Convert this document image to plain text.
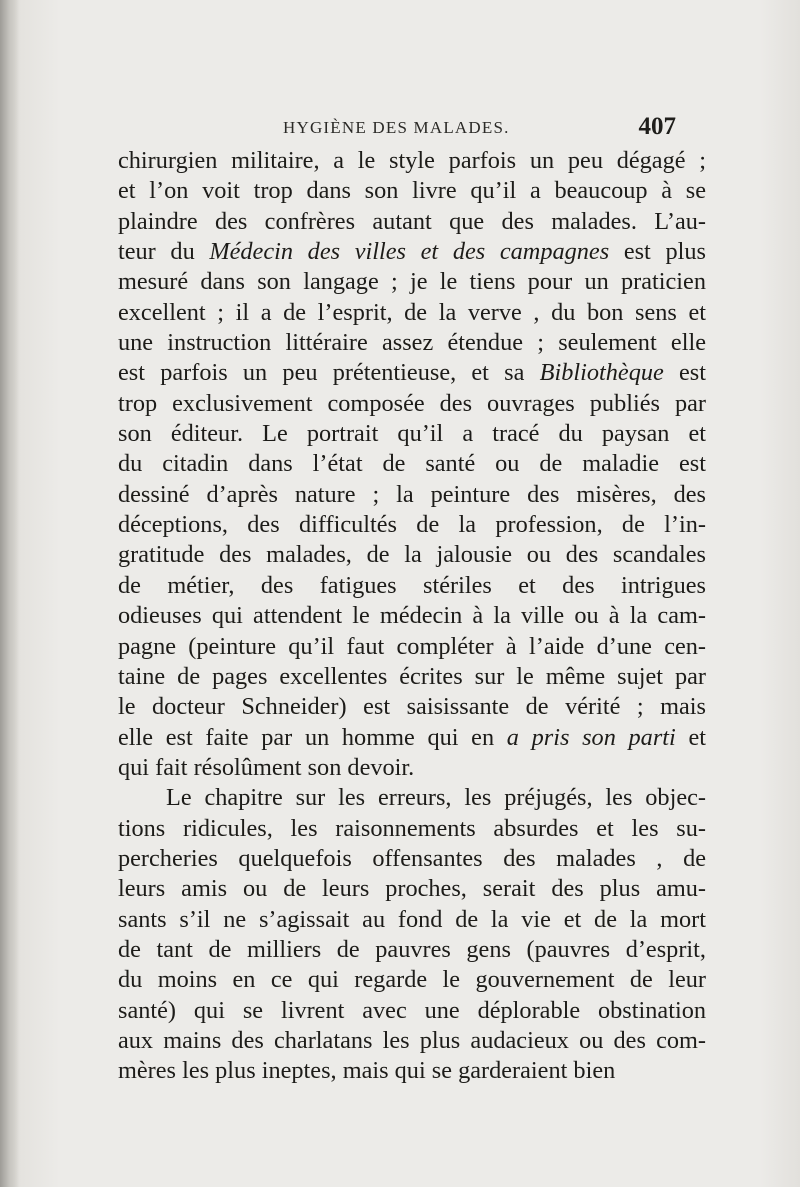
HYGIÈNE DES MALADES.	407
chirurgien militaire, a le style parfois un peu dégagé ;
et l’on voit trop dans son livre qu’il a beaucoup à se
plaindre des confrères autant que des malades. L’au-
teur du Médecin des villes et des campagnes est plus
mesuré dans son langage ; je le tiens pour un praticien
excellent ; il a de l’esprit, de la verve , du bon sens et
une instruction littéraire assez étendue ; seulement elle
est parfois un peu prétentieuse, et sa Bibliothèque est
trop exclusivement composée des ouvrages publiés par
son éditeur. Le portrait qu’il a tracé du paysan et
du citadin dans l’état de santé ou de maladie est
dessiné d’après nature ; la peinture des misères, des
déceptions, des difficultés de la profession, de l’in-
gratitude des malades, de la jalousie ou des scandales
de métier, des fatigues stériles et des intrigues
odieuses qui attendent le médecin à la ville ou à la cam-
pagne (peinture qu’il faut compléter à l’aide d’une cen-
taine de pages excellentes écrites sur le même sujet par
le docteur Schneider) est saisissante de vérité ; mais
elle est faite par un homme qui en a pris son parti et
qui fait résolûment son devoir.
Le chapitre sur les erreurs, les préjugés, les objec-
tions ridicules, les raisonnements absurdes et les su-
percheries quelquefois offensantes des malades , de
leurs amis ou de leurs proches, serait des plus amu-
sants s’il ne s’agissait au fond de la vie et de la mort
de tant de milliers de pauvres gens (pauvres d’esprit,
du moins en ce qui regarde le gouvernement de leur
santé) qui se livrent avec une déplorable obstination
aux mains des charlatans les plus audacieux ou des com-
mères les plus ineptes, mais qui se garderaient bien
